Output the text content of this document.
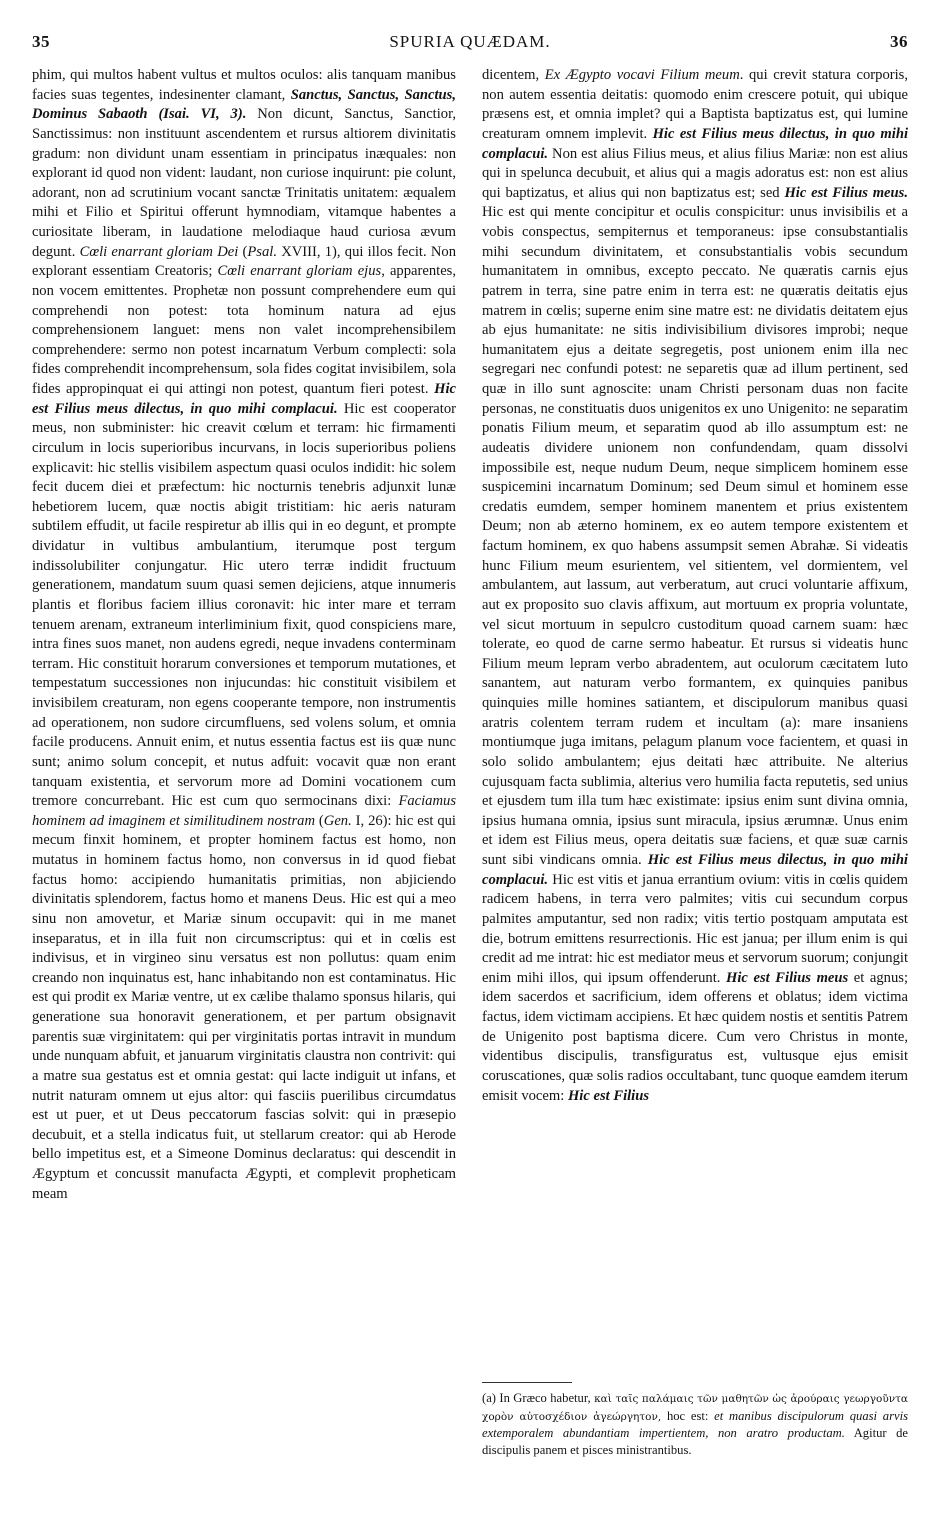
35	SPURIA QUÆDAM.	36

phim, qui multos habent vultus et multos oculos: alis tanquam manibus facies suas tegentes, indesinenter clamant, Sanctus, Sanctus, Sanctus, Dominus Sabaoth (Isai. VI, 3). Non dicunt, Sanctus, Sanctior, Sanctissimus: non instituunt ascendentem et rursus altiorem divinitatis gradum: non dividunt unam essentiam in principatus inæquales: non explorant id quod non vident: laudant, non curiose inquirunt: pie colunt, adorant, non ad scrutinium vocant sanctæ Trinitatis unitatem: æqualem mihi et Filio et Spiritui offerunt hymnodiam, vitamque habentes a curiositate liberam, in laudatione melodiaque haud curiosa ævum degunt. Cœli enarrant gloriam Dei (Psal. XVIII, 1), qui illos fecit. Non explorant essentiam Creatoris; Cœli enarrant gloriam ejus, apparentes, non vocem emittentes. Prophetæ non possunt comprehendere eum qui comprehendi non potest: tota hominum natura ad ejus comprehensionem languet: mens non valet incomprehensibilem comprehendere: sermo non potest incarnatum Verbum complecti: sola fides comprehendit incomprehensum, sola fides cogitat invisibilem, sola fides appropinquat ei qui attingi non potest, quantum fieri potest. Hic est Filius meus dilectus, in quo mihi complacui. Hic est cooperator meus, non subminister: hic creavit cœlum et terram: hic firmamenti circulum in locis superioribus incurvans, in locis superioribus poliens explicavit: hic stellis visibilem aspectum quasi oculos indidit: hic solem fecit ducem diei et præfectum: hic nocturnis tenebris adjunxit lunæ hebetiorem lucem, quæ noctis abigit tristitiam: hic aeris naturam subtilem effudit, ut facile respiretur ab illis qui in eo degunt, et prompte dividatur in vultibus ambulantium, iterumque post tergum indissolubiliter conjungatur. Hic utero terræ indidit fructuum generationem, mandatum suum quasi semen dejiciens, atque innumeris plantis et floribus faciem illius coronavit: hic inter mare et terram tenuem arenam, extraneum interliminium fixit, quod conspiciens mare, intra fines suos manet, non audens egredi, neque invadens conterminam terram. Hic constituit horarum conversiones et temporum mutationes, et tempestatum successiones non injucundas: hic constituit visibilem et invisibilem creaturam, non egens cooperante tempore, non instrumentis ad operationem, non sudore circumfluens, sed volens solum, et omnia facile producens. Annuit enim, et nutus essentia factus est iis quæ nunc sunt; animo solum concepit, et nutus adfuit: vocavit quæ non erant tanquam existentia, et servorum more ad Domini vocationem cum tremore concurrebant. Hic est cum quo sermocinans dixi: Faciamus hominem ad imaginem et similitudinem nostram (Gen. I, 26): hic est qui mecum finxit hominem, et propter hominem factus est homo, non mutatus in hominem factus homo, non conversus in id quod fiebat factus homo: accipiendo humanitatis primitias, non abjiciendo divinitatis splendorem, factus homo et manens Deus. Hic est qui a meo sinu non amovetur, et Mariæ sinum occupavit: qui in me manet inseparatus, et in illa fuit non circumscriptus: qui et in cœlis est indivisus, et in virgineo sinu versatus est non pollutus: quam enim creando non inquinatus est, hanc inhabitando non est contaminatus. Hic est qui prodit ex Mariæ ventre, ut ex cælibe thalamo sponsus hilaris, qui generatione sua honoravit generationem, et per partum obsignavit parentis suæ virginitatem: qui per virginitatis portas intravit in mundum unde nunquam abfuit, et januarum virginitatis claustra non contrivit: qui a matre sua gestatus est et omnia gestat: qui lacte indiguit ut infans, et nutrit naturam omnem ut ejus altor: qui fasciis puerilibus circumdatus est ut puer, et ut Deus peccatorum fascias solvit: qui in præsepio decubuit, et a stella indicatus fuit, ut stellarum creator: qui ab Herode bello impetitus est, et a Simeone Dominus declaratus: qui descendit in Ægyptum et concussit manufacta Ægypti, et complevit propheticam meam

dicentem, Ex Ægypto vocavi Filium meum. qui crevit statura corporis, non autem essentia deitatis: quomodo enim crescere potuit, qui ubique præsens est, et omnia implet? qui a Baptista baptizatus est, qui lumine creaturam omnem implevit. Hic est Filius meus dilectus, in quo mihi complacui. Non est alius Filius meus, et alius filius Mariæ: non est alius qui in spelunca decubuit, et alius qui a magis adoratus est: non est alius qui baptizatus, et alius qui non baptizatus est; sed Hic est Filius meus. Hic est qui mente concipitur et oculis conspicitur: unus invisibilis et a vobis conspectus, sempiternus et temporaneus: ipse consubstantialis mihi secundum divinitatem, et consubstantialis vobis secundum humanitatem in omnibus, excepto peccato. Ne quæratis carnis ejus patrem in terra, sine patre enim in terra est: ne quæratis deitatis ejus matrem in cœlis; superne enim sine matre est: ne dividatis deitatem ejus ab ejus humanitate: ne sitis indivisibilium divisores improbi; neque humanitatem ejus a deitate segregetis, post unionem enim illa nec segregari nec confundi potest: ne separetis quæ ad illum pertinent, sed quæ in illo sunt agnoscite: unam Christi personam duas non facite personas, ne constituatis duos unigenitos ex uno Unigenito: ne separatim ponatis Filium meum, et separatim quod ab illo assumptum est: ne audeatis dividere unionem non confundendam, quam dissolvi impossibile est, neque nudum Deum, neque simplicem hominem esse suspicemini incarnatum Dominum; sed Deum simul et hominem esse credatis eumdem, semper hominem manentem et prius existentem Deum; non ab æterno hominem, ex eo autem tempore existentem et factum hominem, ex quo habens assumpsit semen Abrahæ. Si videatis hunc Filium meum esurientem, vel sitientem, vel dormientem, vel ambulantem, aut lassum, aut verberatum, aut cruci voluntarie affixum, aut ex proposito suo clavis affixum, aut mortuum ex propria voluntate, vel sicut mortuum in sepulcro custoditum quoad carnem suam: hæc tolerate, eo quod de carne sermo habeatur. Et rursus si videatis hunc Filium meum lepram verbo abradentem, aut oculorum cæcitatem luto sanantem, aut naturam verbo formantem, ex quinquies panibus quinquies mille homines satiantem, et discipulorum manibus quasi aratris colentem terram rudem et incultam (a): mare insaniens montiumque juga imitans, pelagum planum voce facientem, et quasi in solo solido ambulantem; ejus deitati hæc attribuite. Ne alterius cujusquam facta sublimia, alterius vero humilia facta reputetis, sed unius et ejusdem tum illa tum hæc existimate: ipsius enim sunt divina omnia, ipsius humana omnia, ipsius sunt miracula, ipsius ærumnæ. Unus enim et idem est Filius meus, opera deitatis suæ faciens, et quæ suæ carnis sunt sibi vindicans omnia. Hic est Filius meus dilectus, in quo mihi complacui. Hic est vitis et janua errantium ovium: vitis in cœlis quidem radicem habens, in terra vero palmites; vitis cui secundum corpus palmites amputantur, sed non radix; vitis tertio postquam amputata est die, botrum emittens resurrectionis. Hic est janua; per illum enim is qui credit ad me intrat: hic est mediator meus et servorum suorum; conjungit enim mihi illos, qui ipsum offenderunt. Hic est Filius meus et agnus; idem sacerdos et sacrificium, idem offerens et oblatus; idem victima factus, idem victimam accipiens. Et hæc quidem nostis et sentitis Patrem de Unigenito post baptisma dicere. Cum vero Christus in monte, videntibus discipulis, transfiguratus est, vultusque ejus emisit coruscationes, quæ solis radios occultabant, tunc quoque eamdem iterum emisit vocem: Hic est Filius

(a) In Græco habetur, καὶ ταῖς παλάμαις τῶν μαθητῶν ὡς ἀρούραις γεωργοῦντα χορὸν αὐτοσχέδιον ἀγεώργητον, hoc est: et manibus discipulorum quasi arvis extemporalem abundantiam impertientem, non aratro productam. Agitur de discipulis panem et pisces ministrantibus.
